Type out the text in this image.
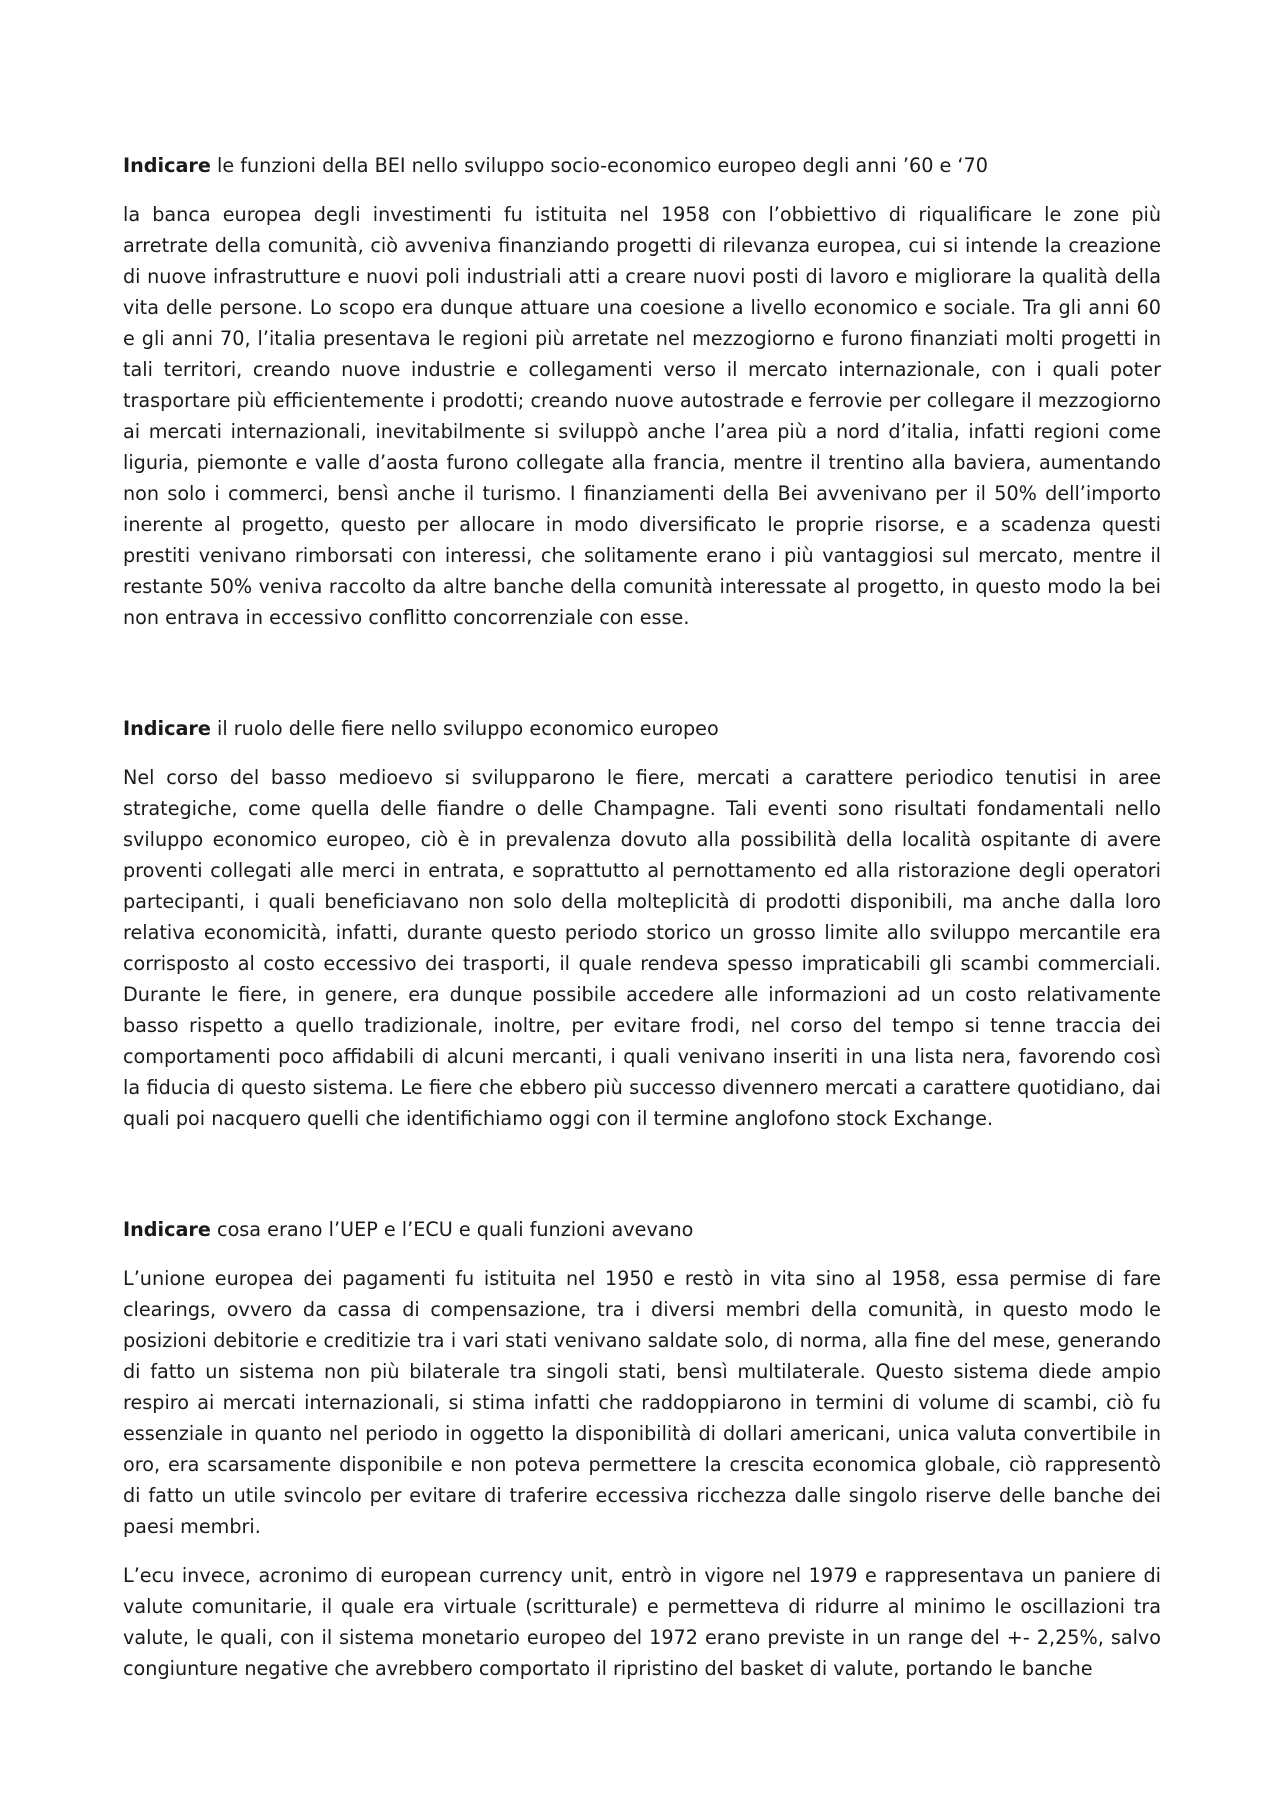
Indicare le funzioni della BEI nello sviluppo socio-economico europeo degli anni ’60 e ‘70

la banca europea degli investimenti fu istituita nel 1958 con l’obbiettivo di riqualificare le zone più arretrate della comunità, ciò avveniva finanziando progetti di rilevanza europea, cui si intende la creazione di nuove infrastrutture e nuovi poli industriali atti a creare nuovi posti di lavoro e migliorare la qualità della vita delle persone. Lo scopo era dunque attuare una coesione a livello economico e sociale. Tra gli anni 60 e gli anni 70, l’italia presentava le regioni più arretate nel mezzogiorno e furono finanziati molti progetti in tali territori, creando nuove industrie e collegamenti verso il mercato internazionale, con i quali poter trasportare più efficientemente i prodotti; creando nuove autostrade e ferrovie per collegare il mezzogiorno ai mercati internazionali, inevitabilmente si sviluppò anche l’area più a nord d’italia, infatti regioni come liguria, piemonte e valle d’aosta furono collegate alla francia, mentre il trentino alla baviera, aumentando non solo i commerci, bensì anche il turismo. I finanziamenti della Bei avvenivano per il 50% dell’importo inerente al progetto, questo per allocare in modo diversificato le proprie risorse, e a scadenza questi prestiti venivano rimborsati con interessi, che solitamente erano i più vantaggiosi sul mercato, mentre il restante 50% veniva raccolto da altre banche della comunità interessate al progetto, in questo modo la bei non entrava in eccessivo conflitto concorrenziale con esse.

Indicare il ruolo delle fiere nello sviluppo economico europeo

Nel corso del basso medioevo si svilupparono le fiere, mercati a carattere periodico tenutisi in aree strategiche, come quella delle fiandre o delle Champagne. Tali eventi sono risultati fondamentali nello sviluppo economico europeo, ciò è in prevalenza dovuto alla possibilità della località ospitante di avere proventi collegati alle merci in entrata, e soprattutto al pernottamento ed alla ristorazione degli operatori partecipanti, i quali beneficiavano non solo della molteplicità di prodotti disponibili, ma anche dalla loro relativa economicità, infatti, durante questo periodo storico un grosso limite allo sviluppo mercantile era corrisposto al costo eccessivo dei trasporti, il quale rendeva spesso impraticabili gli scambi commerciali. Durante le fiere, in genere, era dunque possibile accedere alle informazioni ad un costo relativamente basso rispetto a quello tradizionale, inoltre, per evitare frodi, nel corso del tempo si tenne traccia dei comportamenti poco affidabili di alcuni mercanti, i quali venivano inseriti in una lista nera, favorendo così la fiducia di questo sistema. Le fiere che ebbero più successo divennero mercati a carattere quotidiano, dai quali poi nacquero quelli che identifichiamo oggi con il termine anglofono stock Exchange.

Indicare cosa erano l’UEP e l’ECU e quali funzioni avevano

L’unione europea dei pagamenti fu istituita nel 1950 e restò in vita sino al 1958, essa permise di fare clearings, ovvero da cassa di compensazione, tra i diversi membri della comunità, in questo modo le posizioni debitorie e creditizie tra i vari stati venivano saldate solo, di norma, alla fine del mese, generando di fatto un sistema non più bilaterale tra singoli stati, bensì multilaterale. Questo sistema diede ampio respiro ai mercati internazionali, si stima infatti che raddoppiarono in termini di volume di scambi, ciò fu essenziale in quanto nel periodo in oggetto la disponibilità di dollari americani, unica valuta convertibile in oro, era scarsamente disponibile e non poteva permettere la crescita economica globale, ciò rappresentò di fatto un utile svincolo per evitare di traferire eccessiva ricchezza dalle singolo riserve delle banche dei paesi membri.

L’ecu invece, acronimo di european currency unit, entrò in vigore nel 1979 e rappresentava un paniere di valute comunitarie, il quale era virtuale (scritturale) e permetteva di ridurre al minimo le oscillazioni tra valute, le quali, con il sistema monetario europeo del 1972 erano previste in un range del +- 2,25%, salvo congiunture negative che avrebbero comportato il ripristino del basket di valute, portando le banche
